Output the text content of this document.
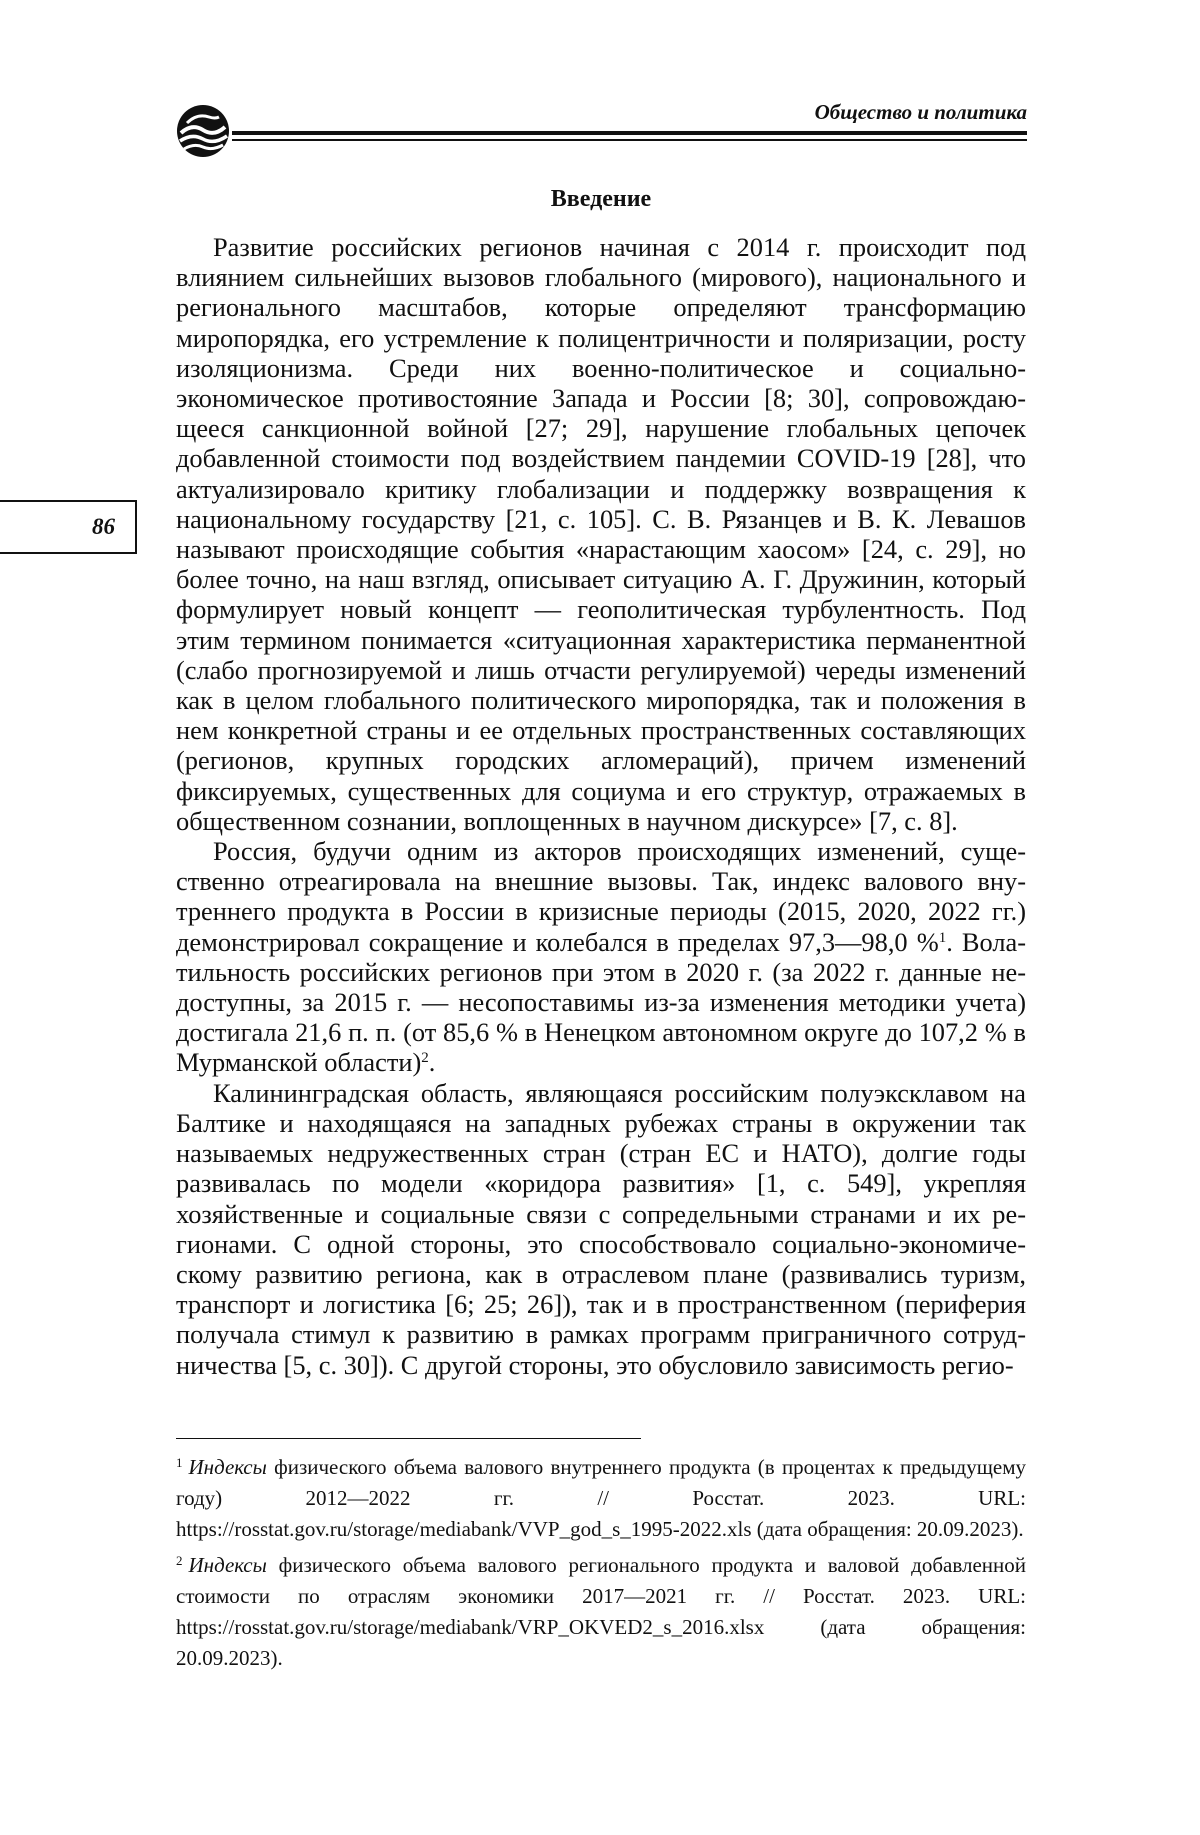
Общество и политика
86
Введение

Развитие российских регионов начиная с 2014 г. происходит под влиянием сильнейших вызовов глобального (мирового), национального и регионального масштабов, которые определяют трансформацию миропорядка, его устремление к полицентричности и поляризации, росту изоляционизма. Среди них военно-политическое и социально-экономическое противостояние Запада и России [8; 30], сопровождающееся санкционной войной [27; 29], нарушение глобальных цепочек добавленной стоимости под воздействием пандемии COVID-19 [28], что актуализировало критику глобализации и поддержку возвращения к национальному государству [21, с. 105]. С. В. Рязанцев и В. К. Левашов называют происходящие события «нарастающим хаосом» [24, с. 29], но более точно, на наш взгляд, описывает ситуацию А. Г. Дружинин, который формулирует новый концепт — геополитическая турбулентность. Под этим термином понимается «ситуационная характеристика перманентной (слабо прогнозируемой и лишь отчасти регулируемой) череды изменений как в целом глобального политического миропорядка, так и положения в нем конкретной страны и ее отдельных пространственных составляющих (регионов, крупных городских агломераций), причем изменений фиксируемых, существенных для социума и его структур, отражаемых в общественном сознании, воплощенных в научном дискурсе» [7, с. 8].

Россия, будучи одним из акторов происходящих изменений, существенно отреагировала на внешние вызовы. Так, индекс валового внутреннего продукта в России в кризисные периоды (2015, 2020, 2022 гг.) демонстрировал сокращение и колебался в пределах 97,3—98,0 %$^1$. Волатильность российских регионов при этом в 2020 г. (за 2022 г. данные недоступны, за 2015 г. — несопоставимы из-за изменения методики учета) достигала 21,6 п. п. (от 85,6 % в Ненецком автономном округе до 107,2 % в Мурманской области)$^2$.

Калининградская область, являющаяся российским полуэксклавом на Балтике и находящаяся на западных рубежах страны в окружении так называемых недружественных стран (стран ЕС и НАТО), долгие годы развивалась по модели «коридора развития» [1, с. 549], укрепляя хозяйственные и социальные связи с сопредельными странами и их регионами. С одной стороны, это способствовало социально-экономическому развитию региона, как в отраслевом плане (развивались туризм, транспорт и логистика [6; 25; 26]), так и в пространственном (периферия получала стимул к развитию в рамках программ приграничного сотрудничества [5, с. 30]). С другой стороны, это обусловило зависимость регио-

$^1$ Индексы физического объема валового внутреннего продукта (в процентах к предыдущему году) 2012—2022 гг. // Росстат. 2023. URL: https://rosstat.gov.ru/storage/mediabank/VVP_god_s_1995-2022.xls (дата обращения: 20.09.2023).

$^2$ Индексы физического объема валового регионального продукта и валовой добавленной стоимости по отраслям экономики 2017—2021 гг. // Росстат. 2023. URL: https://rosstat.gov.ru/storage/mediabank/VRP_OKVED2_s_2016.xlsx (дата обращения: 20.09.2023).
